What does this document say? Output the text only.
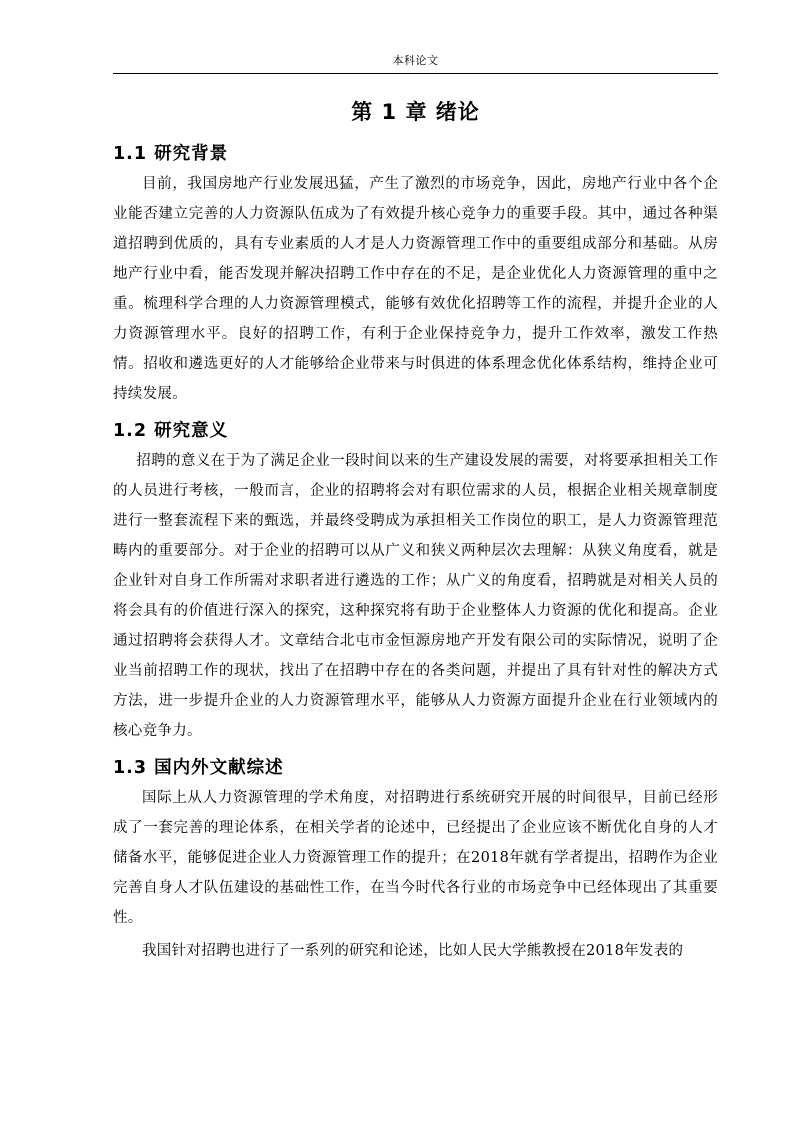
本科论文
第 1 章 绪论
1.1 研究背景

目前，我国房地产行业发展迅猛，产生了激烈的市场竞争，因此，房地产行业中各个企业能否建立完善的人力资源队伍成为了有效提升核心竞争力的重要手段。其中，通过各种渠道招聘到优质的，具有专业素质的人才是人力资源管理工作中的重要组成部分和基础。从房地产行业中看，能否发现并解决招聘工作中存在的不足，是企业优化人力资源管理的重中之重。梳理科学合理的人力资源管理模式，能够有效优化招聘等工作的流程，并提升企业的人力资源管理水平。良好的招聘工作，有利于企业保持竞争力，提升工作效率，激发工作热情。招收和遴选更好的人才能够给企业带来与时俱进的体系理念优化体系结构，维持企业可持续发展。

1.2 研究意义

招聘的意义在于为了满足企业一段时间以来的生产建设发展的需要，对将要承担相关工作的人员进行考核，一般而言，企业的招聘将会对有职位需求的人员，根据企业相关规章制度进行一整套流程下来的甄选，并最终受聘成为承担相关工作岗位的职工，是人力资源管理范畴内的重要部分。对于企业的招聘可以从广义和狭义两种层次去理解：从狭义角度看，就是企业针对自身工作所需对求职者进行遴选的工作；从广义的角度看，招聘就是对相关人员的将会具有的价值进行深入的探究，这种探究将有助于企业整体人力资源的优化和提高。企业通过招聘将会获得人才。文章结合北屯市金恒源房地产开发有限公司的实际情况，说明了企业当前招聘工作的现状，找出了在招聘中存在的各类问题，并提出了具有针对性的解决方式方法，进一步提升企业的人力资源管理水平，能够从人力资源方面提升企业在行业领域内的核心竞争力。

1.3 国内外文献综述

国际上从人力资源管理的学术角度，对招聘进行系统研究开展的时间很早，目前已经形成了一套完善的理论体系，在相关学者的论述中，已经提出了企业应该不断优化自身的人才储备水平，能够促进企业人力资源管理工作的提升；在2018年就有学者提出，招聘作为企业完善自身人才队伍建设的基础性工作，在当今时代各行业的市场竞争中已经体现出了其重要性。

我国针对招聘也进行了一系列的研究和论述，比如人民大学熊教授在2018年发表的
